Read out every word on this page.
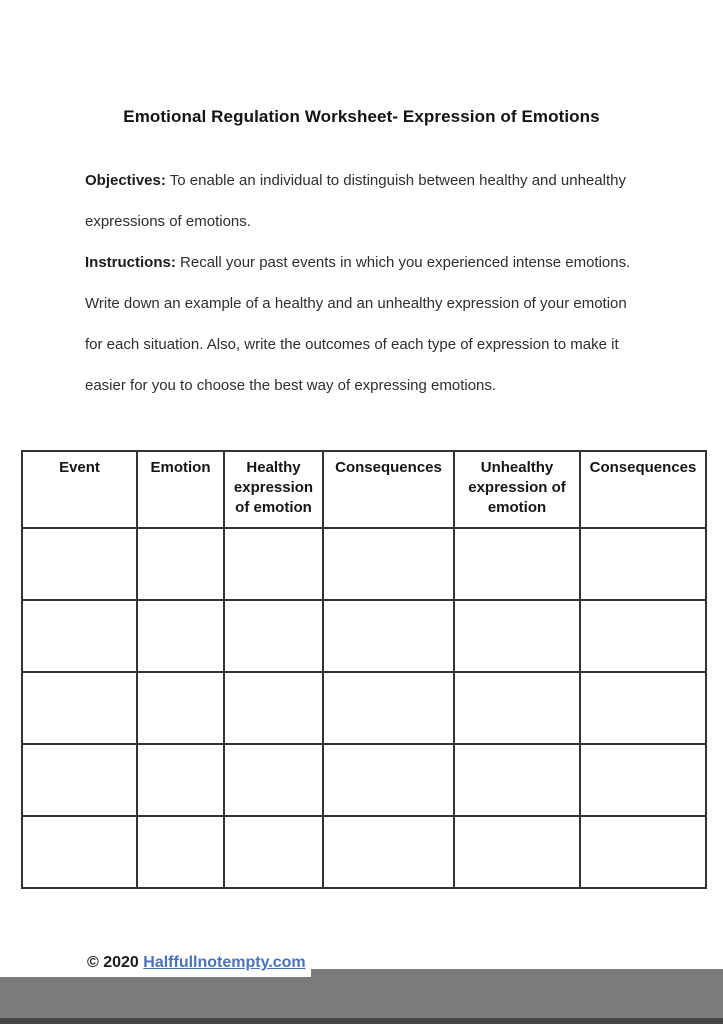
Emotional Regulation Worksheet- Expression of Emotions

Objectives: To enable an individual to distinguish between healthy and unhealthy expressions of emotions.

Instructions: Recall your past events in which you experienced intense emotions. Write down an example of a healthy and an unhealthy expression of your emotion for each situation. Also, write the outcomes of each type of expression to make it easier for you to choose the best way of expressing emotions.

Event	Emotion	Healthy expression of emotion	Consequences	Unhealthy expression of emotion	Consequences

© 2020 Halffullnotempty.com
